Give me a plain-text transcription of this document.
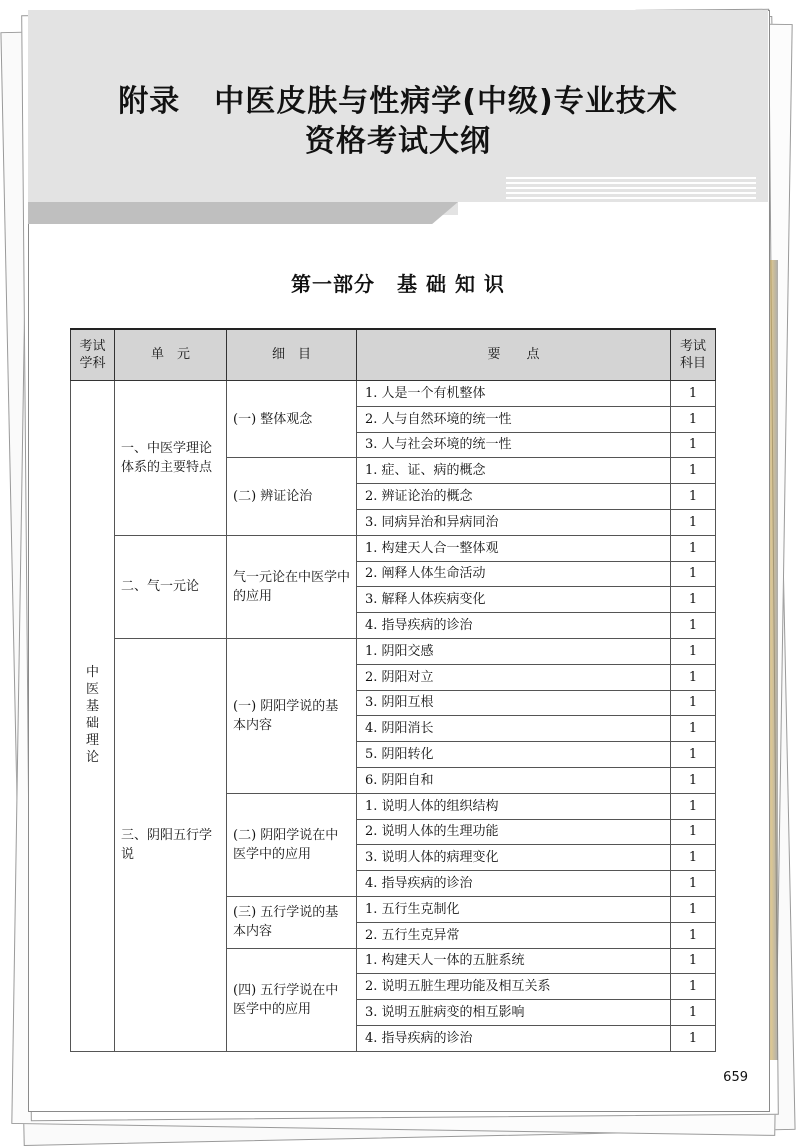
附录 中医皮肤与性病学(中级)专业技术
资格考试大纲
第一部分 基 础 知 识
考试学科	单　元	细　目	要　　点	考试科目
中医基础理论	一、中医学理论体系的主要特点	(一) 整体观念	1. 人是一个有机整体	1
			2. 人与自然环境的统一性	1
			3. 人与社会环境的统一性	1
		(二) 辨证论治	1. 症、证、病的概念	1
			2. 辨证论治的概念	1
			3. 同病异治和异病同治	1
	二、气一元论	气一元论在中医学中的应用	1. 构建天人合一整体观	1
			2. 阐释人体生命活动	1
			3. 解释人体疾病变化	1
			4. 指导疾病的诊治	1
	三、阴阳五行学说	(一) 阴阳学说的基本内容	1. 阴阳交感	1
			2. 阴阳对立	1
			3. 阴阳互根	1
			4. 阴阳消长	1
			5. 阴阳转化	1
			6. 阴阳自和	1
		(二) 阴阳学说在中医学中的应用	1. 说明人体的组织结构	1
			2. 说明人体的生理功能	1
			3. 说明人体的病理变化	1
			4. 指导疾病的诊治	1
		(三) 五行学说的基本内容	1. 五行生克制化	1
			2. 五行生克异常	1
		(四) 五行学说在中医学中的应用	1. 构建天人一体的五脏系统	1
			2. 说明五脏生理功能及相互关系	1
			3. 说明五脏病变的相互影响	1
			4. 指导疾病的诊治	1
659
